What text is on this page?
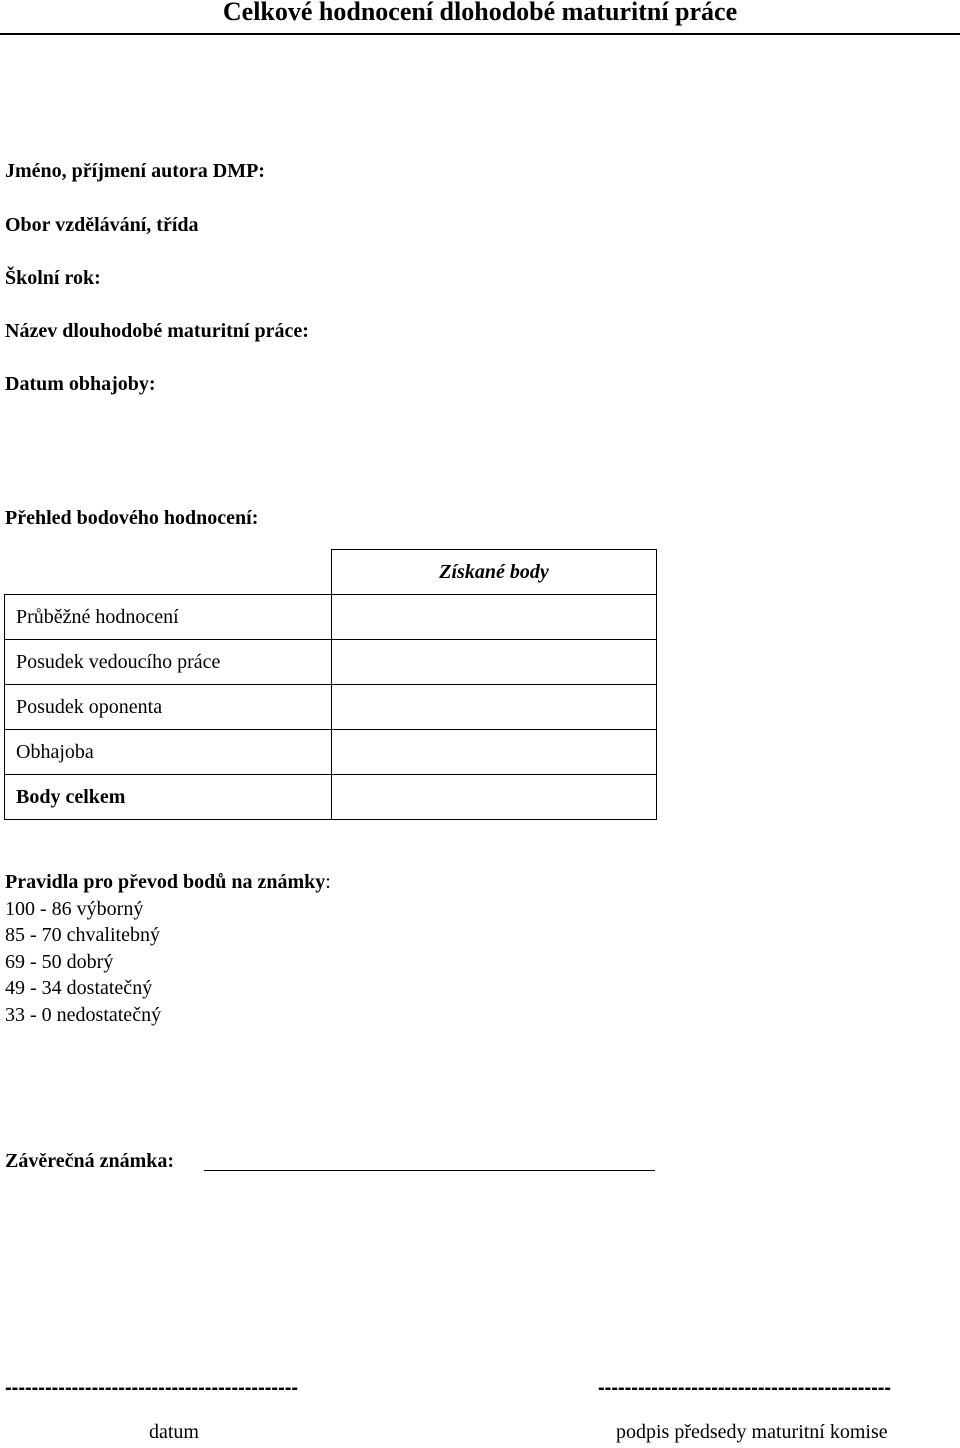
Celkové hodnocení dlohodobé maturitní práce
Jméno, příjmení autora DMP:
Obor vzdělávání, třída
Školní rok:
Název dlouhodobé maturitní práce:
Datum obhajoby:
Přehled bodového hodnocení:
	Získané body
Průběžné hodnocení	
Posudek vedoucího práce	
Posudek oponenta	
Obhajoba	
Body celkem	
Pravidla pro převod bodů na známky:
100 - 86 výborný
85 - 70 chvalitebný
69 - 50 dobrý
49 - 34 dostatečný
33 - 0 nedostatečný
Závěrečná známka:
--------------------------------------------	--------------------------------------------
datum	podpis předsedy maturitní komise
